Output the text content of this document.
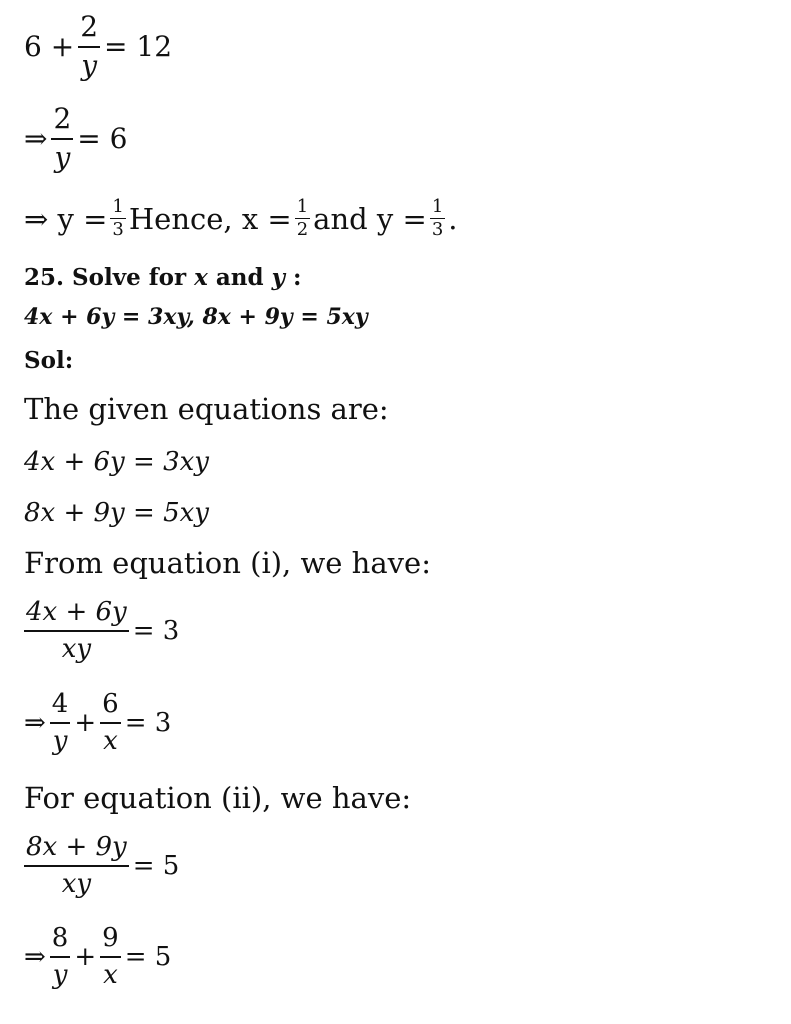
$6 + \frac{2}{y} = 12$
⇒ $\frac{2}{y} = 6$
⇒ $y = \frac{1}{3}$ Hence, $x = \frac{1}{2}$ and $y = \frac{1}{3}$ .
25. Solve for x and y :
4x + 6y = 3xy, 8x + 9y = 5xy
Sol:
The given equations are:
4x + 6y = 3xy
8x + 9y = 5xy
From equation (i), we have:
$\frac{4x + 6y}{xy} = 3$
⇒ $\frac{4}{y} + \frac{6}{x} = 3$
For equation (ii), we have:
$\frac{8x + 9y}{xy} = 5$
⇒ $\frac{8}{y} + \frac{9}{x} = 5$
